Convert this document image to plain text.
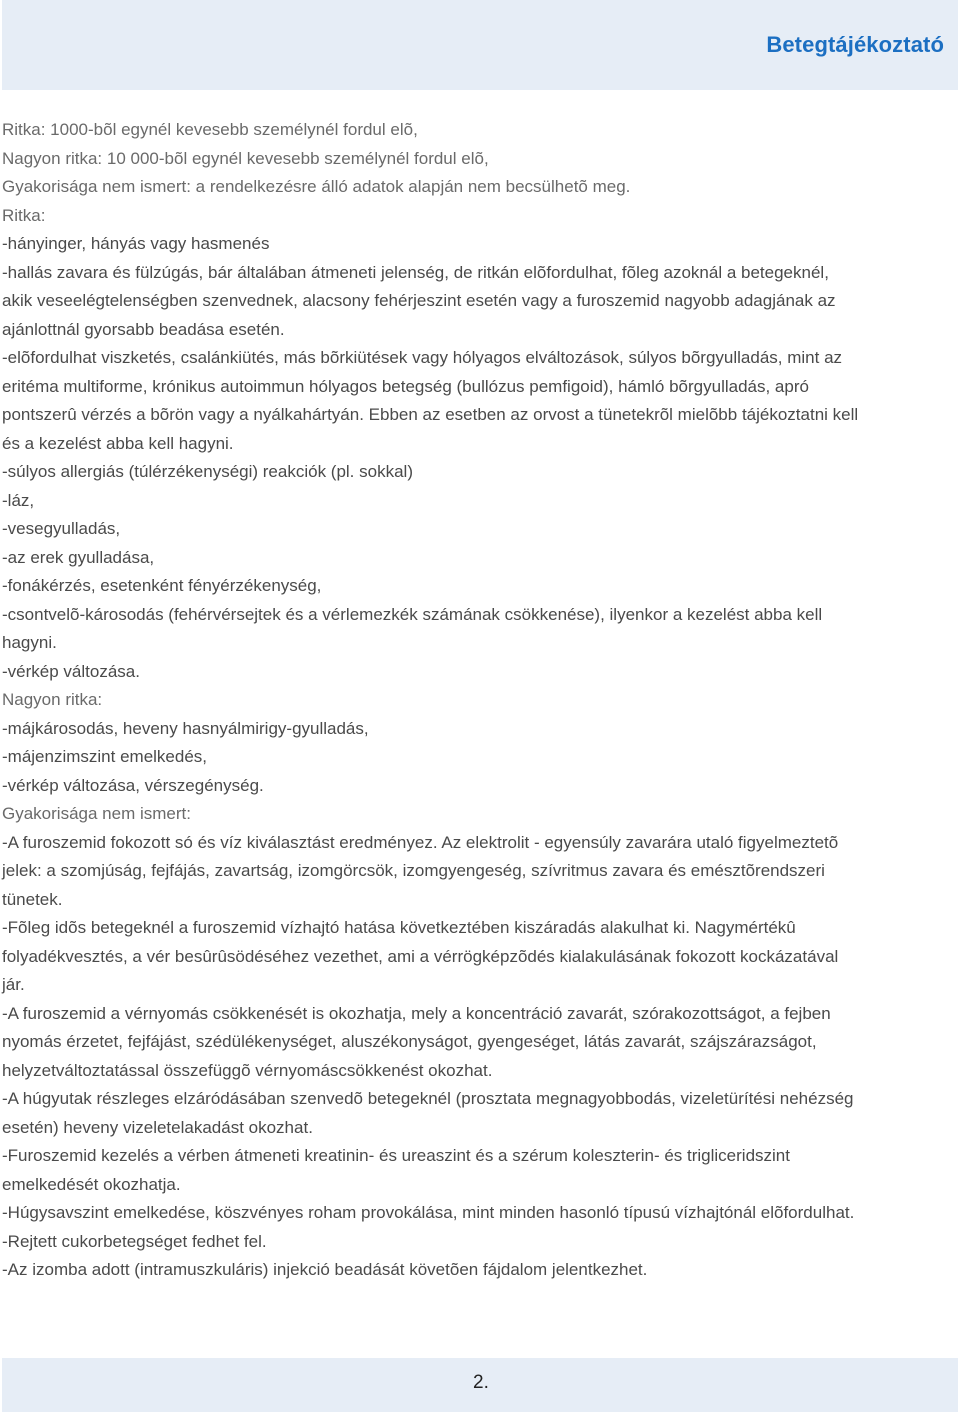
Betegtájékoztató

Ritka: 1000-bõl egynél kevesebb személynél fordul elõ,

Nagyon ritka: 10 000-bõl egynél kevesebb személynél fordul elõ,

Gyakorisága nem ismert: a rendelkezésre álló adatok alapján nem becsülhetõ meg.

Ritka:

-hányinger, hányás vagy hasmenés

-hallás zavara és fülzúgás, bár általában átmeneti jelenség, de ritkán elõfordulhat, fõleg azoknál a betegeknél,

akik veseelégtelenségben szenvednek, alacsony fehérjeszint esetén vagy a furoszemid nagyobb adagjának az

ajánlottnál gyorsabb beadása esetén.

-elõfordulhat viszketés, csalánkiütés, más bõrkiütések vagy hólyagos elváltozások, súlyos bõrgyulladás, mint az

eritéma multiforme, krónikus autoimmun hólyagos betegség (bullózus pemfigoid), hámló bõrgyulladás, apró

pontszerû vérzés a bõrön vagy a nyálkahártyán. Ebben az esetben az orvost a tünetekrõl mielõbb tájékoztatni kell

és a kezelést abba kell hagyni.

-súlyos allergiás (túlérzékenységi) reakciók (pl. sokkal)

-láz,

-vesegyulladás,

-az erek gyulladása,

-fonákérzés, esetenként fényérzékenység,

-csontvelõ-károsodás (fehérvérsejtek és a vérlemezkék számának csökkenése), ilyenkor a kezelést abba kell

hagyni.

-vérkép változása.

Nagyon ritka:

-májkárosodás, heveny hasnyálmirigy-gyulladás,

-májenzimszint emelkedés,

-vérkép változása, vérszegénység.

Gyakorisága nem ismert:

-A furoszemid fokozott só és víz kiválasztást eredményez. Az elektrolit - egyensúly zavarára utaló figyelmeztetõ

jelek: a szomjúság, fejfájás, zavartság, izomgörcsök, izomgyengeség, szívritmus zavara és emésztõrendszeri

tünetek.

-Fõleg idõs betegeknél a furoszemid vízhajtó hatása következtében kiszáradás alakulhat ki. Nagymértékû

folyadékvesztés, a vér besûrûsödéséhez vezethet, ami a vérrögképzõdés kialakulásának fokozott kockázatával

jár.

-A furoszemid a vérnyomás csökkenését is okozhatja, mely a koncentráció zavarát, szórakozottságot, a fejben

nyomás érzetet, fejfájást, szédülékenységet, aluszékonyságot, gyengeséget, látás zavarát, szájszárazságot,

helyzetváltoztatással összefüggõ vérnyomáscsökkenést okozhat.

-A húgyutak részleges elzáródásában szenvedõ betegeknél (prosztata megnagyobbodás, vizeletürítési nehézség

esetén) heveny vizeletelakadást okozhat.

-Furoszemid kezelés a vérben átmeneti kreatinin- és ureaszint és a szérum koleszterin- és trigliceridszint

emelkedését okozhatja.

-Húgysavszint emelkedése, köszvényes roham provokálása, mint minden hasonló típusú vízhajtónál elõfordulhat.

-Rejtett cukorbetegséget fedhet fel.

-Az izomba adott (intramuszkuláris) injekció beadását követõen fájdalom jelentkezhet.

2.
